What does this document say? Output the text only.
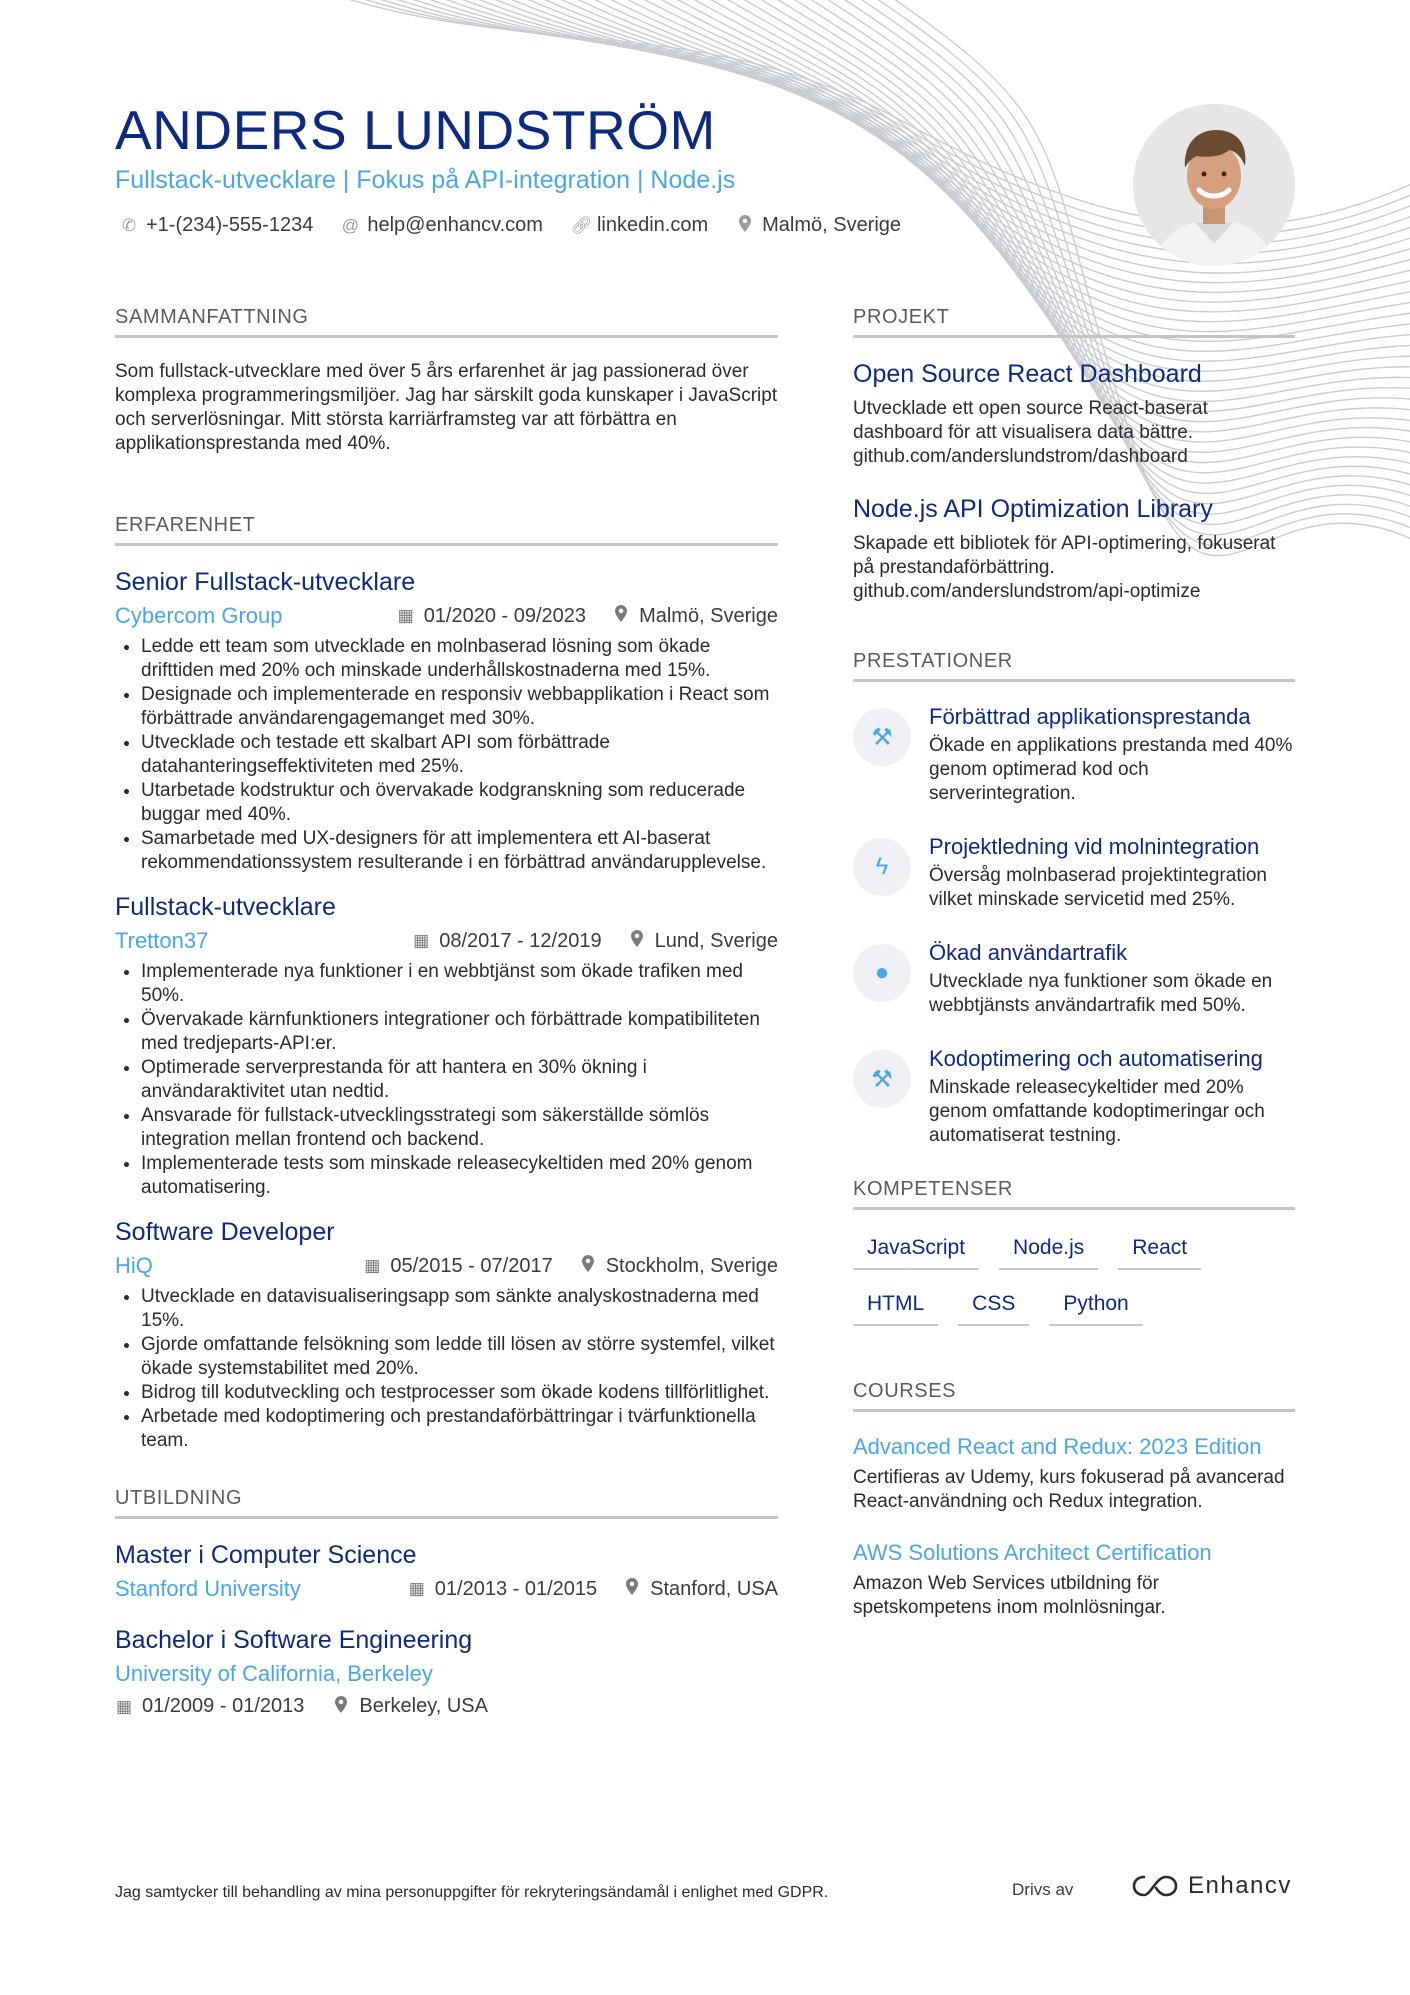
ANDERS LUNDSTRÖM

Fullstack-utvecklare | Fokus på API-integration | Node.js

✆ +1-(234)-555-1234 @ help@enhancv.com 🔗︎ linkedin.com	Malmö, Sverige
SAMMANFATTNING

Som fullstack-utvecklare med över 5 års erfarenhet är jag passionerad över komplexa programmeringsmiljöer. Jag har särskilt goda kunskaper i JavaScript och serverlösningar. Mitt största karriärframsteg var att förbättra en applikationsprestanda med 40%.

ERFARENHET
Senior Fullstack-utvecklare
Cybercom Group	▦ 01/2020 - 09/2023	Malmö, Sverige
• Ledde ett team som utvecklade en molnbaserad lösning som ökade drifttiden med 20% och minskade underhållskostnaderna med 15%.
• Designade och implementerade en responsiv webbapplikation i React som förbättrade användarengagemanget med 30%.
• Utvecklade och testade ett skalbart API som förbättrade datahanteringseffektiviteten med 25%.
• Utarbetade kodstruktur och övervakade kodgranskning som reducerade buggar med 40%.
• Samarbetade med UX-designers för att implementera ett AI-baserat rekommendationssystem resulterande i en förbättrad användarupplevelse.
Fullstack-utvecklare
Tretton37	▦ 08/2017 - 12/2019	Lund, Sverige
• Implementerade nya funktioner i en webbtjänst som ökade trafiken med 50%.
• Övervakade kärnfunktioners integrationer och förbättrade kompatibiliteten med tredjeparts-API:er.
• Optimerade serverprestanda för att hantera en 30% ökning i användaraktivitet utan nedtid.
• Ansvarade för fullstack-utvecklingsstrategi som säkerställde sömlös integration mellan frontend och backend.
• Implementerade tests som minskade releasecykeltiden med 20% genom automatisering.
Software Developer
HiQ	▦ 05/2015 - 07/2017	Stockholm, Sverige
• Utvecklade en datavisualiseringsapp som sänkte analyskostnaderna med 15%.
• Gjorde omfattande felsökning som ledde till lösen av större systemfel, vilket ökade systemstabilitet med 20%.
• Bidrog till kodutveckling och testprocesser som ökade kodens tillförlitlighet.
• Arbetade med kodoptimering och prestandaförbättringar i tvärfunktionella team.
UTBILDNING
Master i Computer Science
Stanford University	▦ 01/2013 - 01/2015	Stanford, USA
Bachelor i Software Engineering
University of California, Berkeley
▦ 01/2009 - 01/2013	Berkeley, USA
PROJEKT
Open Source React Dashboard

Utvecklade ett open source React-baserat dashboard för att visualisera data bättre. github.com/anderslundstrom/dashboard

Node.js API Optimization Library

Skapade ett bibliotek för API-optimering, fokuserat på prestandaförbättring. github.com/anderslundstrom/api-optimize

PRESTATIONER
⚒
Förbättrad applikationsprestanda

Ökade en applikations prestanda med 40% genom optimerad kod och serverintegration.

ϟ
Projektledning vid molnintegration

Översåg molnbaserad projektintegration vilket minskade servicetid med 25%.

●
Ökad användartrafik

Utvecklade nya funktioner som ökade en webbtjänsts användartrafik med 50%.

⚒
Kodoptimering och automatisering

Minskade releasecykeltider med 20% genom omfattande kodoptimeringar och automatiserat testning.

KOMPETENSER
JavaScript	Node.js	React
HTML	CSS	Python
COURSES
Advanced React and Redux: 2023 Edition

Certifieras av Udemy, kurs fokuserad på avancerad React-användning och Redux integration.

AWS Solutions Architect Certification

Amazon Web Services utbildning för spetskompetens inom molnlösningar.

Jag samtycker till behandling av mina personuppgifter för rekryteringsändamål i enlighet med GDPR.	Drivs av	Enhancv
